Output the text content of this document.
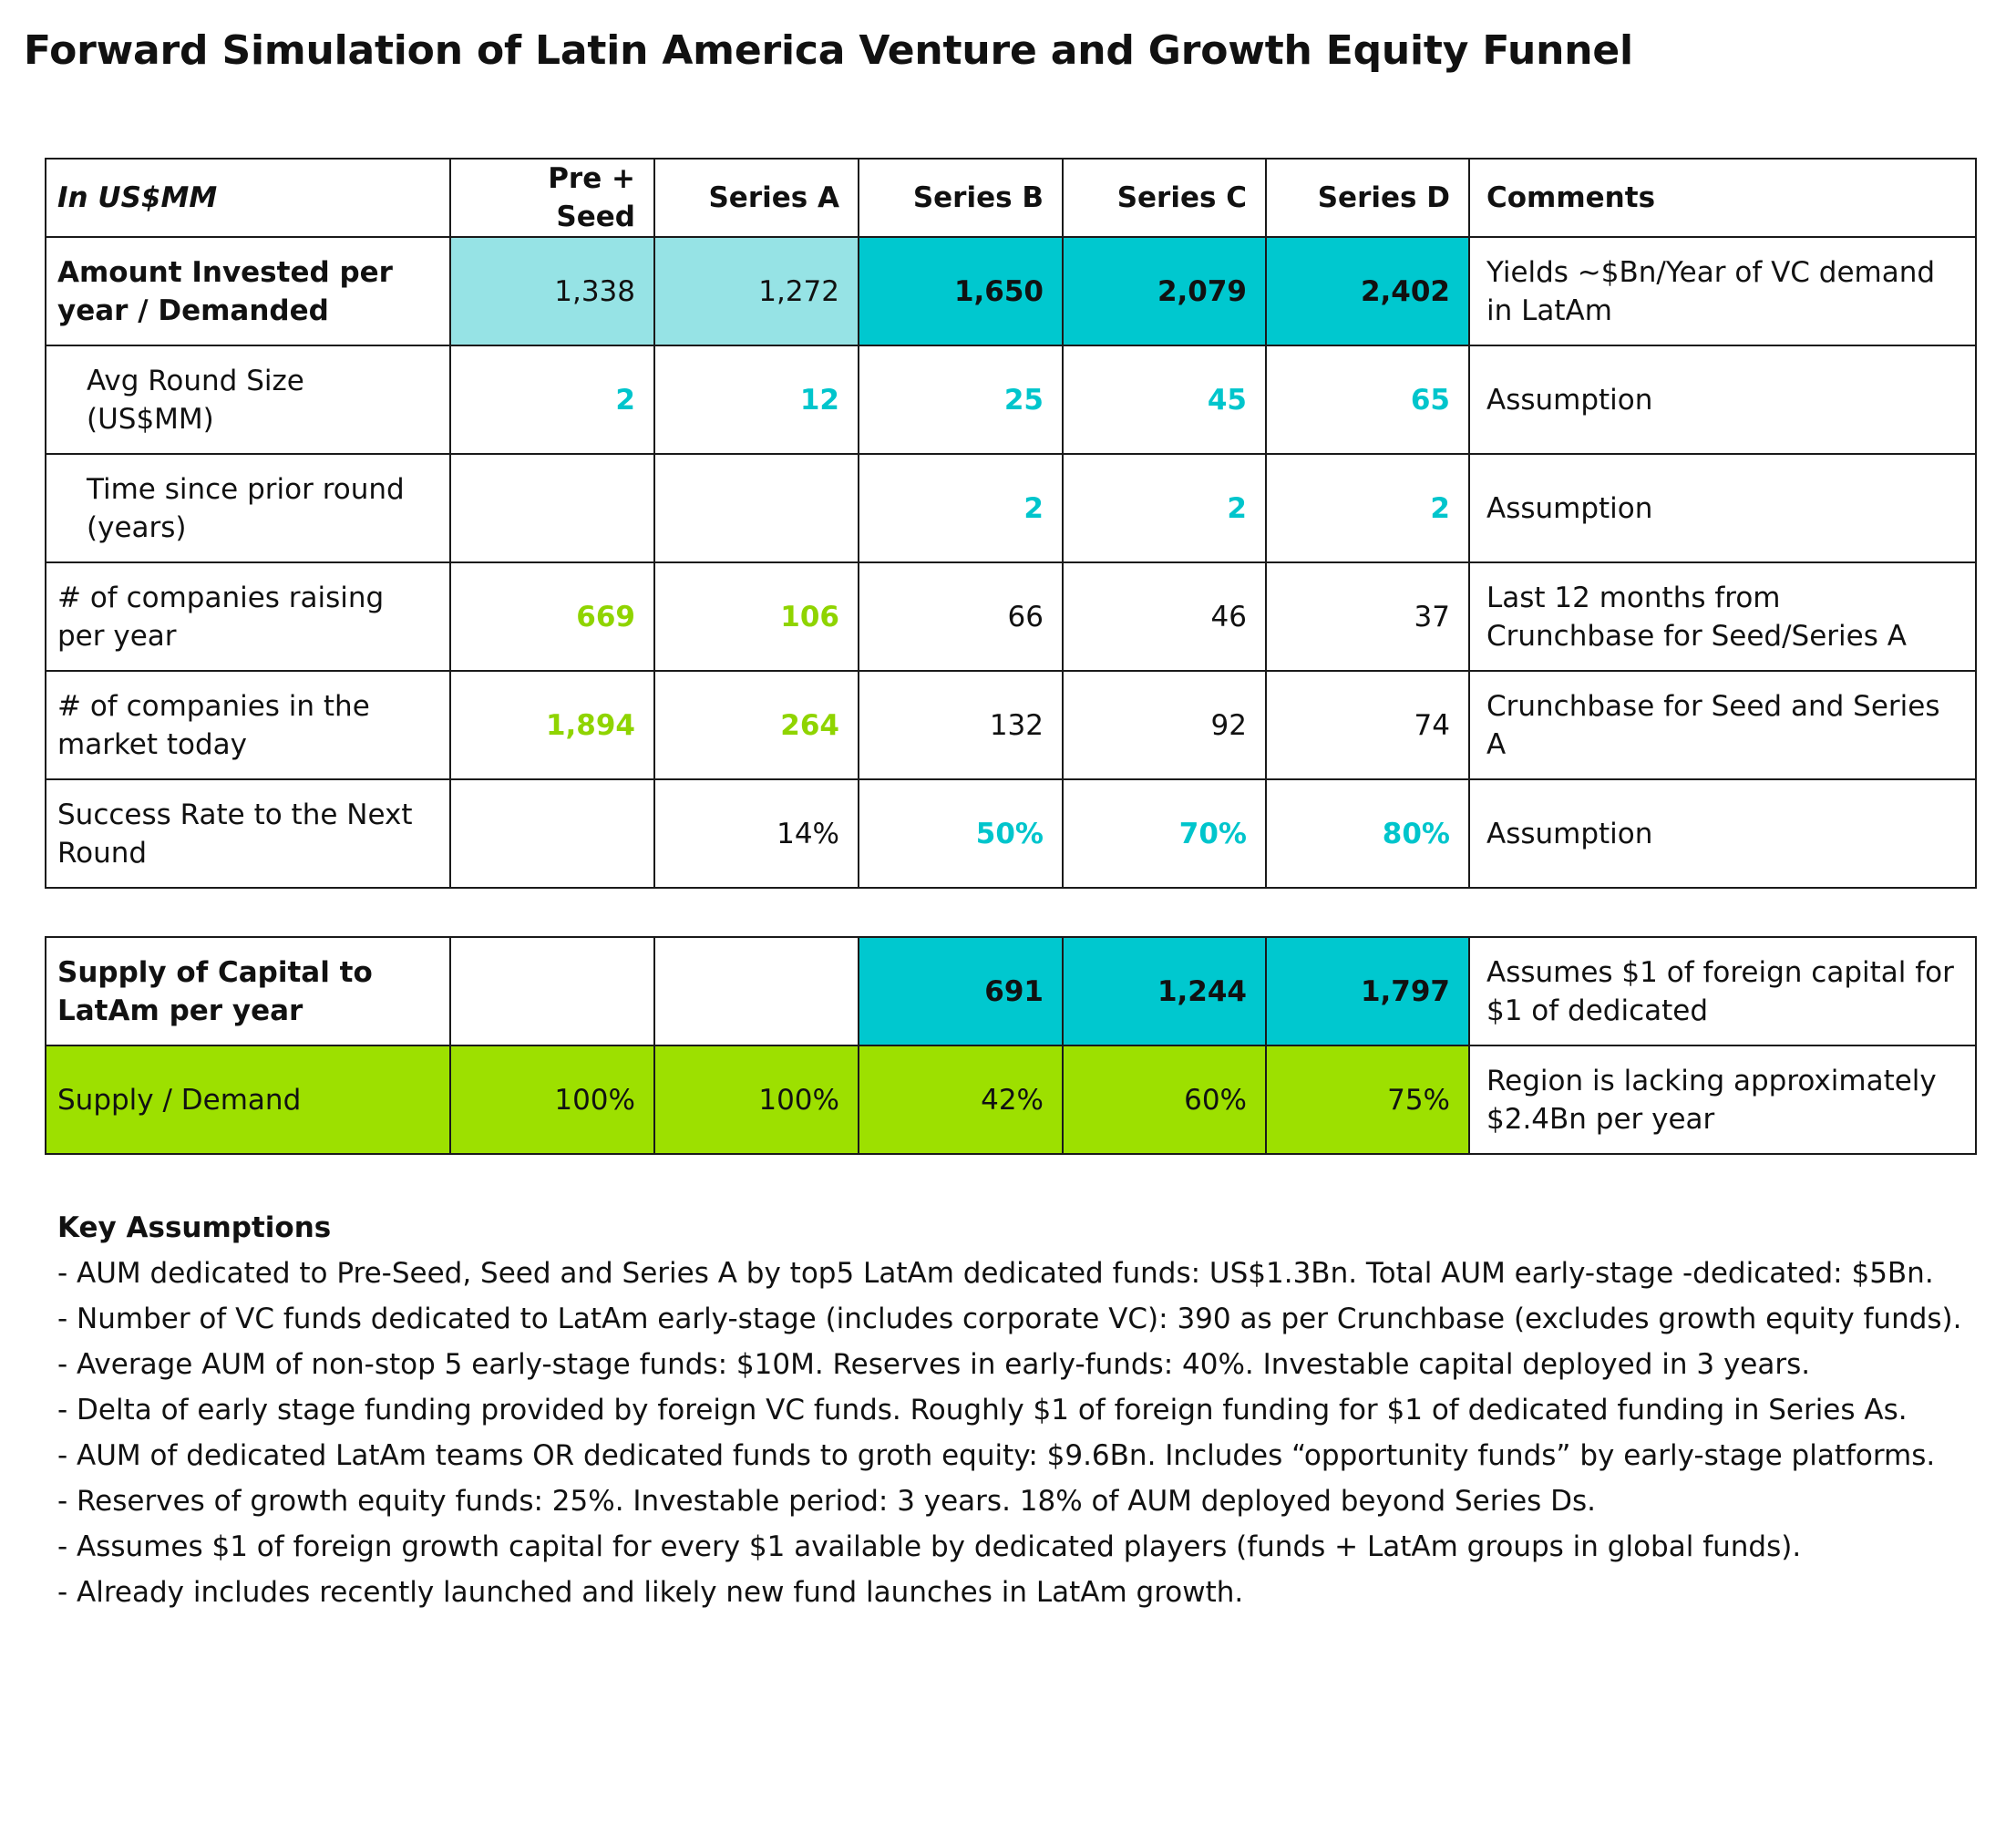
Forward Simulation of Latin America Venture and Growth Equity Funnel
In US$MM	Pre + Seed	Series A	Series B	Series C	Series D	Comments
Amount Invested per year / Demanded	1,338	1,272	1,650	2,079	2,402	Yields ~$Bn/Year of VC demand in LatAm
Avg Round Size (US$MM)	2	12	25	45	65	Assumption
Time since prior round (years)			2	2	2	Assumption
# of companies raising per year	669	106	66	46	37	Last 12 months from Crunchbase for Seed/Series A
# of companies in the market today	1,894	264	132	92	74	Crunchbase for Seed and Series A
Success Rate to the Next Round		14%	50%	70%	80%	Assumption
Supply of Capital to LatAm per year			691	1,244	1,797	Assumes $1 of foreign capital for $1 of dedicated
Supply / Demand	100%	100%	42%	60%	75%	Region is lacking approximately $2.4Bn per year
Key Assumptions
- AUM dedicated to Pre-Seed, Seed and Series A by top5 LatAm dedicated funds: US$1.3Bn. Total AUM early-stage -dedicated: $5Bn.
- Number of VC funds dedicated to LatAm early-stage (includes corporate VC): 390 as per Crunchbase (excludes growth equity funds).
- Average AUM of non-stop 5 early-stage funds: $10M. Reserves in early-funds: 40%. Investable capital deployed in 3 years.
- Delta of early stage funding provided by foreign VC funds. Roughly $1 of foreign funding for $1 of dedicated funding in Series As.
- AUM of dedicated LatAm teams OR dedicated funds to groth equity: $9.6Bn. Includes “opportunity funds” by early-stage platforms.
- Reserves of growth equity funds: 25%. Investable period: 3 years. 18% of AUM deployed beyond Series Ds.
- Assumes $1 of foreign growth capital for every $1 available by dedicated players (funds + LatAm groups in global funds).
- Already includes recently launched and likely new fund launches in LatAm growth.
